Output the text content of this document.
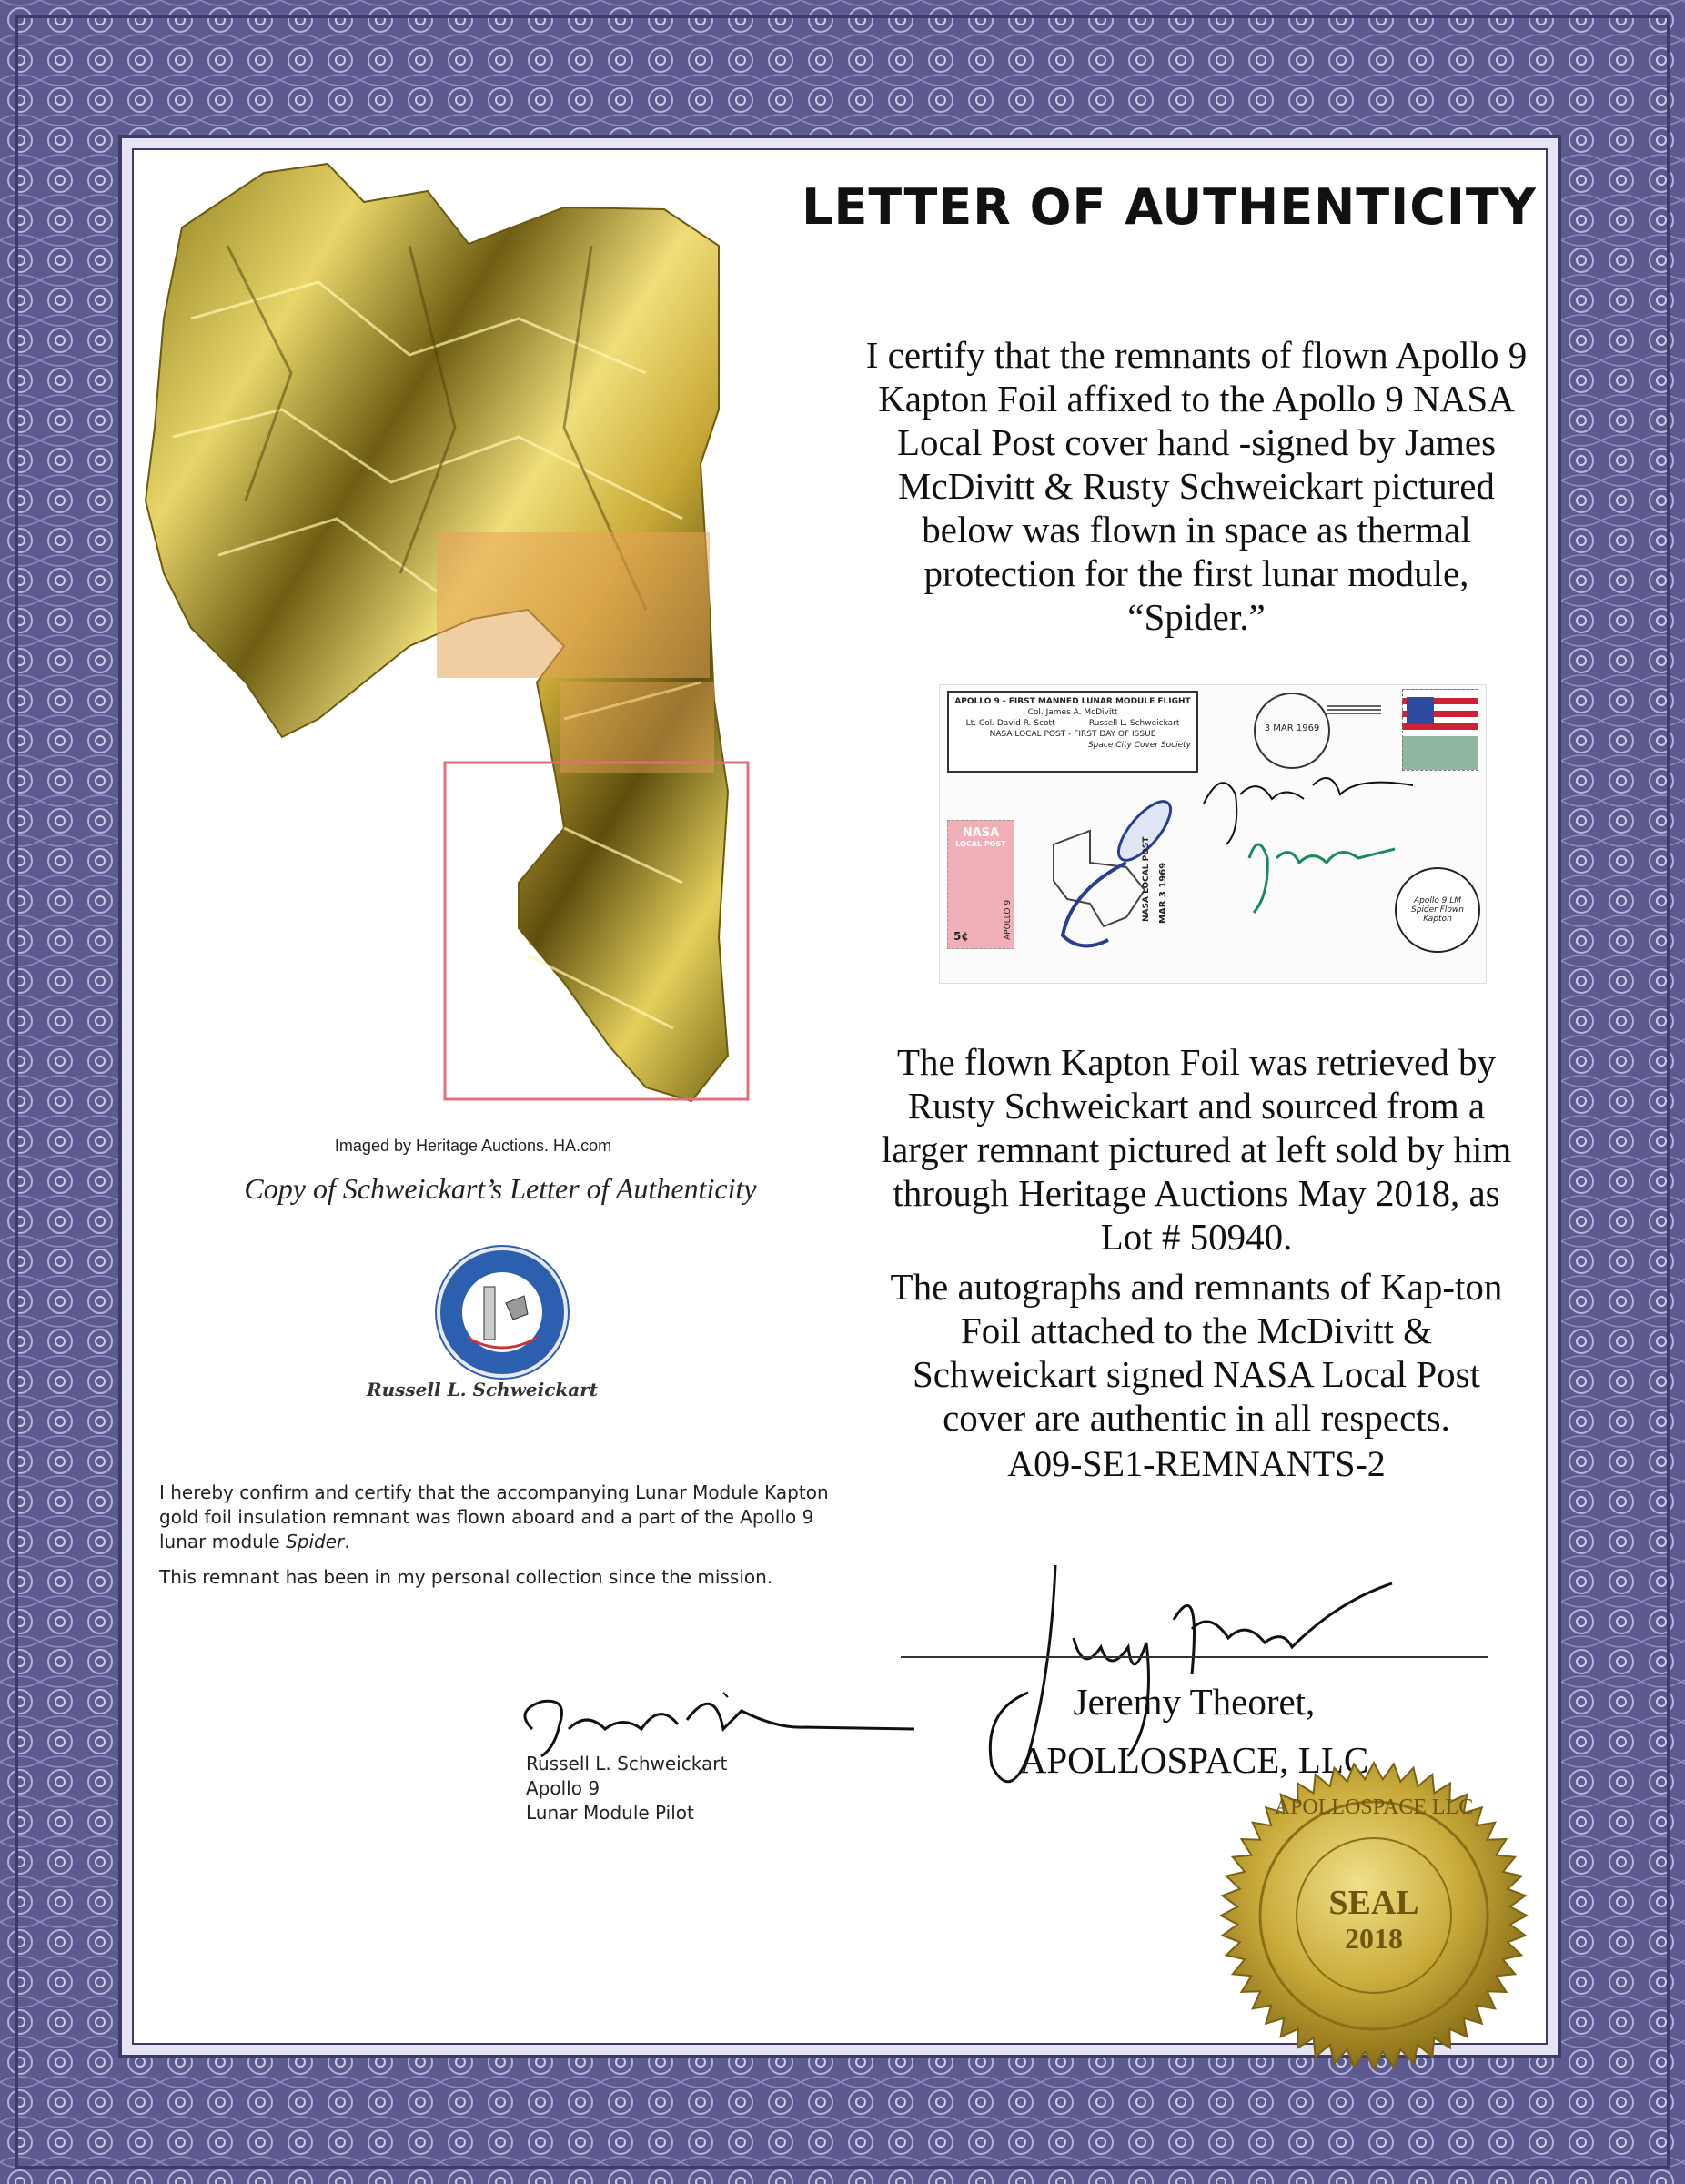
LETTER OF AUTHENTICITY
I certify that the remnants of flown Apollo 9 Kapton Foil affixed to the Apollo 9 NASA Local Post cover hand -signed by James McDivitt & Rusty Schweickart pictured below was flown in space as thermal protection for the first lunar module, “Spider.”
APOLLO 9 - FIRST MANNED LUNAR MODULE FLIGHT
Col. James A. McDivitt
Lt. Col. David R. Scott	Russell L. Schweickart
NASA LOCAL POST - FIRST DAY OF ISSUE
Space City Cover Society
3 MAR 1969
NASA
LOCAL POST
5¢	APOLLO 9	NASA LOCAL POST MAR 3 1969	Apollo 9 LM Spider Flown Kapton
The flown Kapton Foil was retrieved by Rusty Schweickart and sourced from a larger remnant pictured at left sold by him through Heritage Auctions May 2018, as Lot # 50940.
The autographs and remnants of Kap-ton Foil attached to the McDivitt & Schweickart signed NASA Local Post cover are authentic in all respects.
A09-SE1-REMNANTS-2
Imaged by Heritage Auctions. HA.com
Copy of Schweickart’s Letter of Authenticity
Russell L. Schweickart
I hereby confirm and certify that the accompanying Lunar Module Kapton gold foil insulation remnant was flown aboard and a part of the Apollo 9 lunar module Spider.
This remnant has been in my personal collection since the mission.
Russell L. Schweickart
Apollo 9
Lunar Module Pilot
Jeremy Theoret,
APOLLOSPACE, LLC
APOLLOSPACE LLC
SEAL
2018
